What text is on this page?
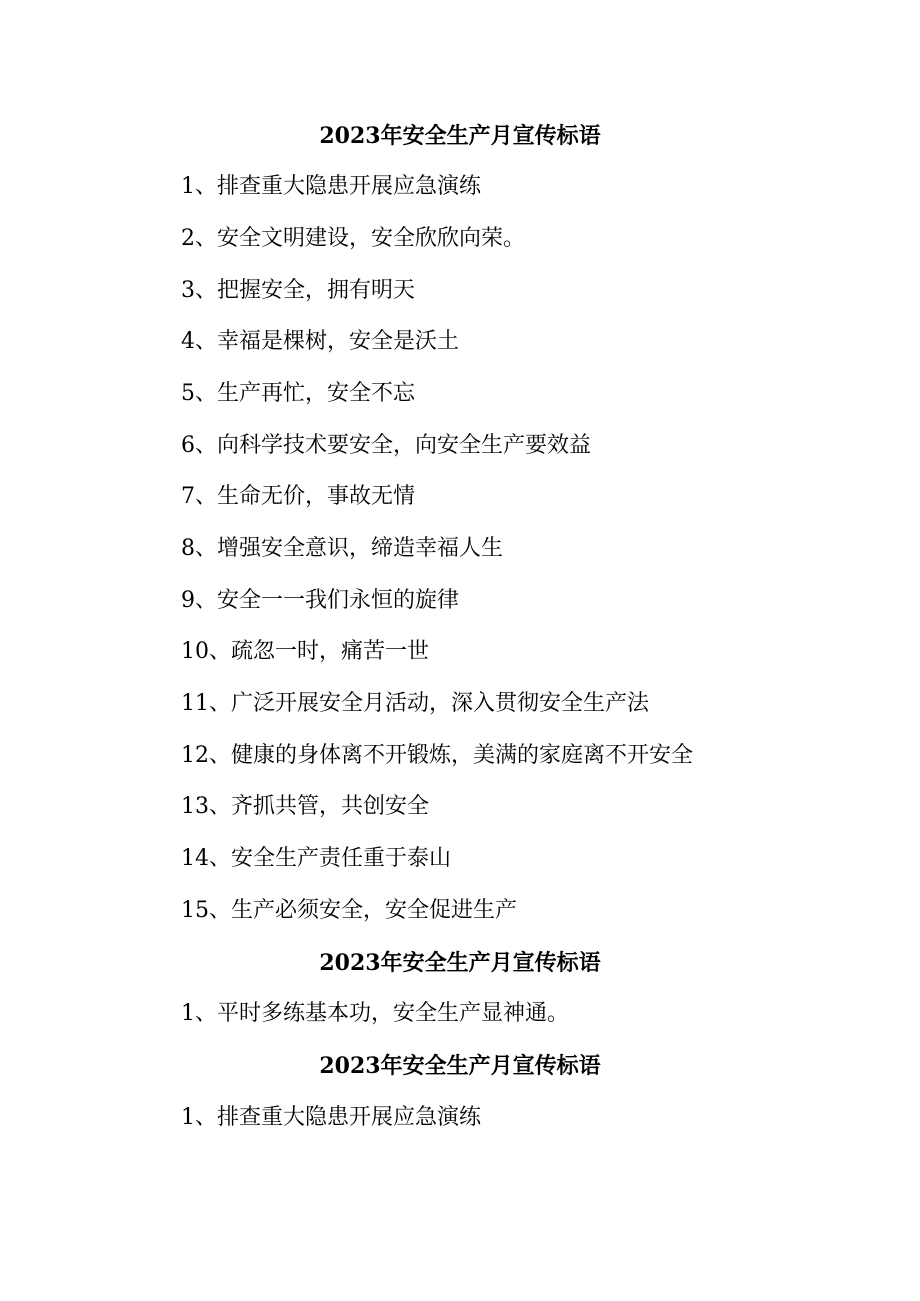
2023年安全生产月宣传标语
1、排查重大隐患开展应急演练
2、安全文明建设，安全欣欣向荣。
3、把握安全，拥有明天
4、幸福是棵树，安全是沃土
5、生产再忙，安全不忘
6、向科学技术要安全，向安全生产要效益
7、生命无价，事故无情
8、增强安全意识，缔造幸福人生
9、安全一一我们永恒的旋律
10、疏忽一时，痛苦一世
11、广泛开展安全月活动，深入贯彻安全生产法
12、健康的身体离不开锻炼，美满的家庭离不开安全
13、齐抓共管，共创安全
14、安全生产责任重于泰山
15、生产必须安全，安全促进生产
2023年安全生产月宣传标语
1、平时多练基本功，安全生产显神通。
2023年安全生产月宣传标语
1、排查重大隐患开展应急演练
